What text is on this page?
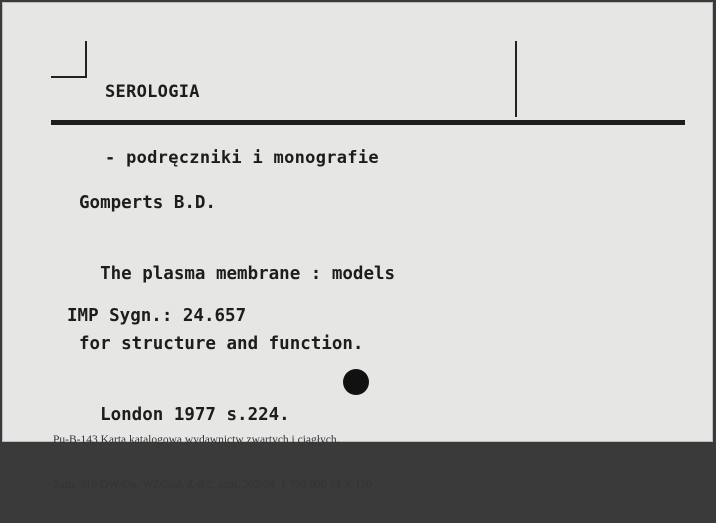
SEROLOGIA

- podręczniki i monografie

Gomperts B.D.

The plasma membrane : models

for structure and function.

London 1977 s.224.

IMP Sygn.: 24.657

Pu-B-143 Karta katalogowa wydawnictw zwartych i ciągłych.

Zam. 319/DW/On  WZGraf. Z-d 2, zam. 202/78, 1 750 000 74 X 120
